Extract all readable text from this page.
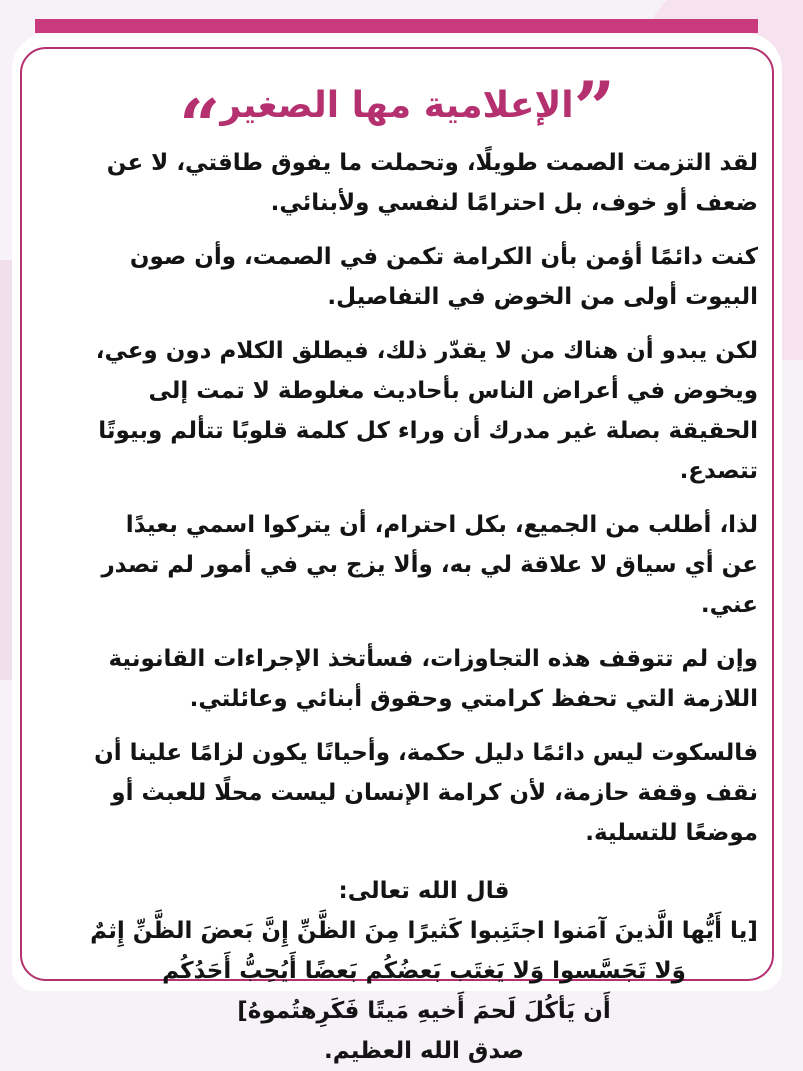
”
الإعلامية مها الصغير
“

لقد التزمت الصمت طويلًا، وتحملت ما يفوق طاقتي، لا عن ضعف أو خوف، بل احترامًا لنفسي ولأبنائي.

كنت دائمًا أؤمن بأن الكرامة تكمن في الصمت، وأن صون البيوت أولى من الخوض في التفاصيل.

لكن يبدو أن هناك من لا يقدّر ذلك، فيطلق الكلام دون وعي، ويخوض في أعراض الناس بأحاديث مغلوطة لا تمت إلى الحقيقة بصلة غير مدرك أن وراء كل كلمة قلوبًا تتألم وبيوتًا تتصدع.

لذا، أطلب من الجميع، بكل احترام، أن يتركوا اسمي بعيدًا عن أي سياق لا علاقة لي به، وألا يزج بي في أمور لم تصدر عني.

وإن لم تتوقف هذه التجاوزات، فسأتخذ الإجراءات القانونية اللازمة التي تحفظ كرامتي وحقوق أبنائي وعائلتي.

فالسكوت ليس دائمًا دليل حكمة، وأحيانًا يكون لزامًا علينا أن نقف وقفة حازمة، لأن كرامة الإنسان ليست محلًا للعبث أو موضعًا للتسلية.

قال الله تعالى:
[يا أَيُّها الَّذينَ آمَنوا اجتَنِبوا كَثيرًا مِنَ الظَّنِّ إِنَّ بَعضَ الظَّنِّ إِثمٌ
وَلا تَجَسَّسوا وَلا يَغتَب بَعضُكُم بَعضًا أَيُحِبُّ أَحَدُكُم
أَن يَأكُلَ لَحمَ أَخيهِ مَيتًا فَكَرِهتُموهُ]
صدق الله العظيم.
